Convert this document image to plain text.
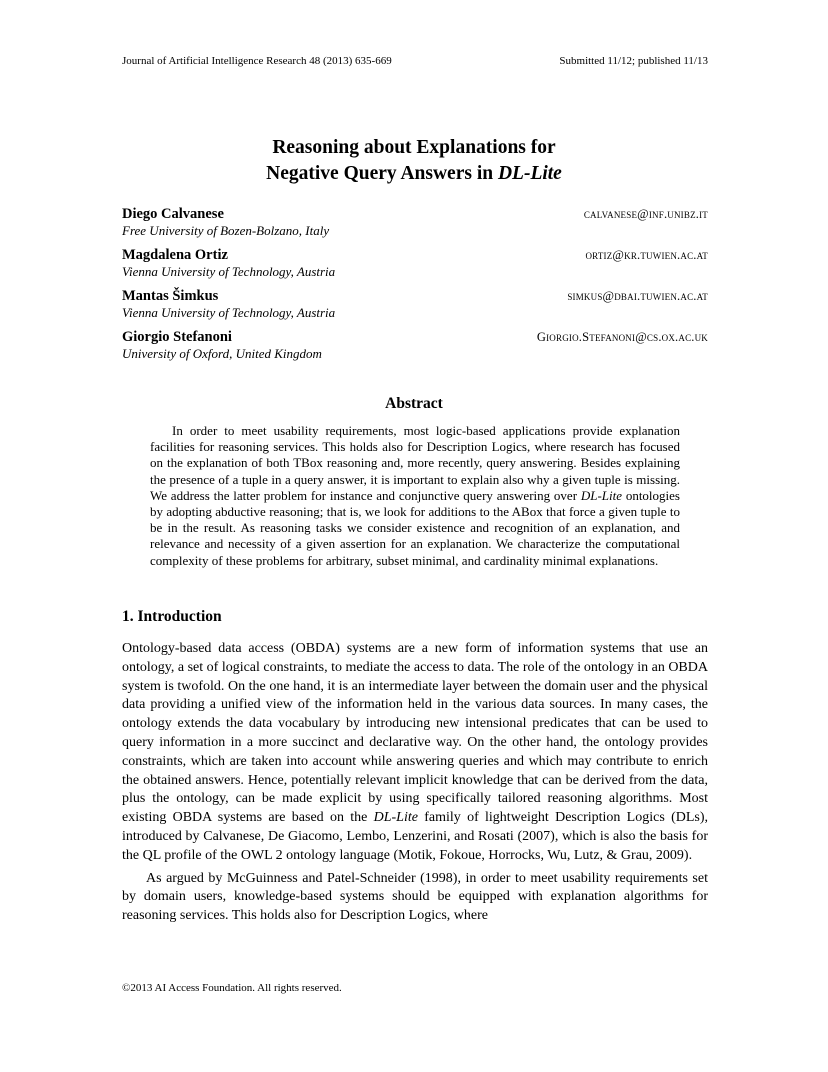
Journal of Artificial Intelligence Research 48 (2013) 635-669	Submitted 11/12; published 11/13
Reasoning about Explanations for
Negative Query Answers in DL-Lite
Diego Calvanese	calvanese@inf.unibz.it
Free University of Bozen-Bolzano, Italy
Magdalena Ortiz	ortiz@kr.tuwien.ac.at
Vienna University of Technology, Austria
Mantas Šimkus	simkus@dbai.tuwien.ac.at
Vienna University of Technology, Austria
Giorgio Stefanoni	Giorgio.Stefanoni@cs.ox.ac.uk
University of Oxford, United Kingdom
Abstract
In order to meet usability requirements, most logic-based applications provide explanation facilities for reasoning services. This holds also for Description Logics, where research has focused on the explanation of both TBox reasoning and, more recently, query answering. Besides explaining the presence of a tuple in a query answer, it is important to explain also why a given tuple is missing. We address the latter problem for instance and conjunctive query answering over DL-Lite ontologies by adopting abductive reasoning; that is, we look for additions to the ABox that force a given tuple to be in the result. As reasoning tasks we consider existence and recognition of an explanation, and relevance and necessity of a given assertion for an explanation. We characterize the computational complexity of these problems for arbitrary, subset minimal, and cardinality minimal explanations.
1. Introduction

Ontology-based data access (OBDA) systems are a new form of information systems that use an ontology, a set of logical constraints, to mediate the access to data. The role of the ontology in an OBDA system is twofold. On the one hand, it is an intermediate layer between the domain user and the physical data providing a unified view of the information held in the various data sources. In many cases, the ontology extends the data vocabulary by introducing new intensional predicates that can be used to query information in a more succinct and declarative way. On the other hand, the ontology provides constraints, which are taken into account while answering queries and which may contribute to enrich the obtained answers. Hence, potentially relevant implicit knowledge that can be derived from the data, plus the ontology, can be made explicit by using specifically tailored reasoning algorithms. Most existing OBDA systems are based on the DL-Lite family of lightweight Description Logics (DLs), introduced by Calvanese, De Giacomo, Lembo, Lenzerini, and Rosati (2007), which is also the basis for the QL profile of the OWL 2 ontology language (Motik, Fokoue, Horrocks, Wu, Lutz, & Grau, 2009).

As argued by McGuinness and Patel-Schneider (1998), in order to meet usability requirements set by domain users, knowledge-based systems should be equipped with explanation algorithms for reasoning services. This holds also for Description Logics, where

©2013 AI Access Foundation. All rights reserved.
